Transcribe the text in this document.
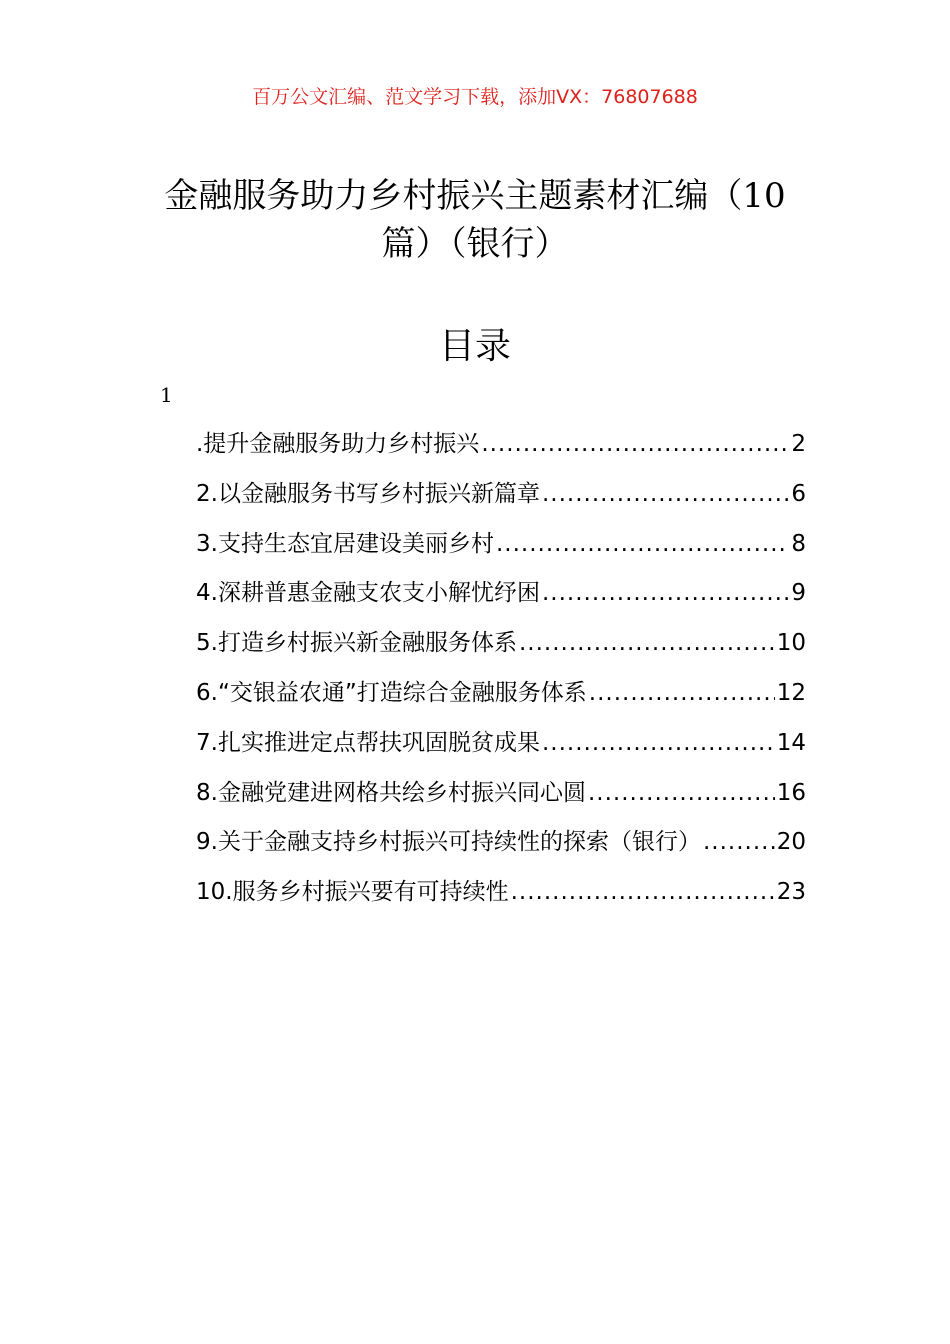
百万公文汇编、范文学习下载，添加VX：76807688
金融服务助力乡村振兴主题素材汇编（10
篇）（银行）
目录
1
.提升金融服务助力乡村振兴 .....	2
2.以金融服务书写乡村振兴新篇章 .....	6
3.支持生态宜居建设美丽乡村 .....	8
4.深耕普惠金融支农支小解忧纾困 .....	9
5.打造乡村振兴新金融服务体系 .....	10
6.“交银益农通”打造综合金融服务体系 .....	12
7.扎实推进定点帮扶巩固脱贫成果 .....	14
8.金融党建进网格共绘乡村振兴同心圆 .....	16
9.关于金融支持乡村振兴可持续性的探索（银行） .....	20
10.服务乡村振兴要有可持续性 .....	23
